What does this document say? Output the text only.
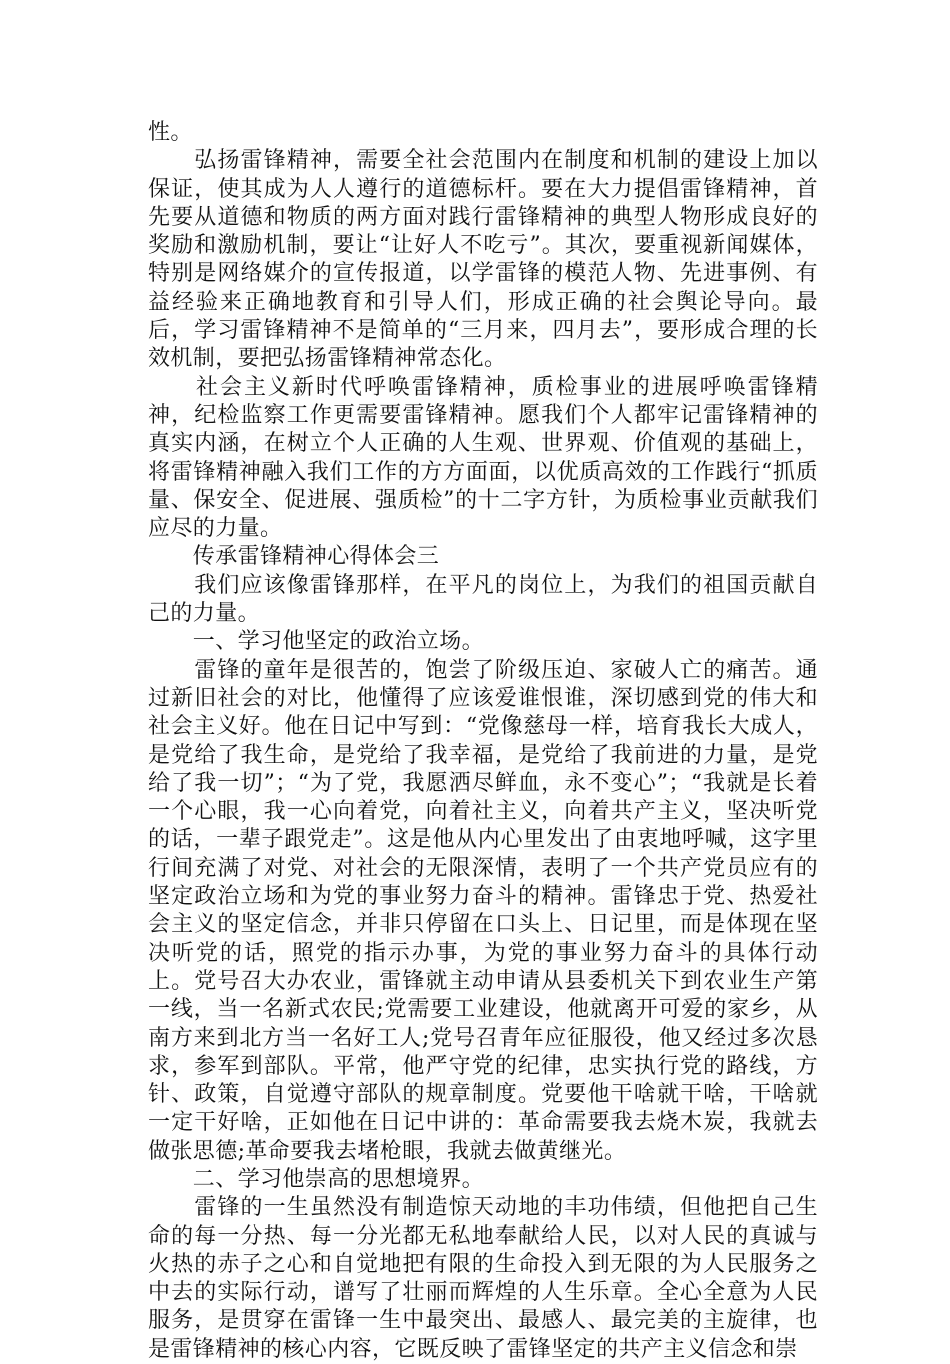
性。

　　弘扬雷锋精神，需要全社会范围内在制度和机制的建设上加以保证，使其成为人人遵行的道德标杆。要在大力提倡雷锋精神，首先要从道德和物质的两方面对践行雷锋精神的典型人物形成良好的奖励和激励机制，要让“让好人不吃亏”。其次，要重视新闻媒体，特别是网络媒介的宣传报道，以学雷锋的模范人物、先进事例、有益经验来正确地教育和引导人们，形成正确的社会舆论导向。最后，学习雷锋精神不是简单的“三月来，四月去”，要形成合理的长效机制，要把弘扬雷锋精神常态化。

　　社会主义新时代呼唤雷锋精神，质检事业的进展呼唤雷锋精神，纪检监察工作更需要雷锋精神。愿我们个人都牢记雷锋精神的真实内涵，在树立个人正确的人生观、世界观、价值观的基础上，将雷锋精神融入我们工作的方方面面，以优质高效的工作践行“抓质量、保安全、促进展、强质检”的十二字方针，为质检事业贡献我们应尽的力量。

　　传承雷锋精神心得体会三

　　我们应该像雷锋那样，在平凡的岗位上，为我们的祖国贡献自己的力量。

　　一、学习他坚定的政治立场。

　　雷锋的童年是很苦的，饱尝了阶级压迫、家破人亡的痛苦。通过新旧社会的对比，他懂得了应该爱谁恨谁，深切感到党的伟大和社会主义好。他在日记中写到：“党像慈母一样，培育我长大成人，是党给了我生命，是党给了我幸福，是党给了我前进的力量，是党给了我一切”；“为了党，我愿洒尽鲜血，永不变心”；“我就是长着一个心眼，我一心向着党，向着社主义，向着共产主义，坚决听党的话，一辈子跟党走”。这是他从内心里发出了由衷地呼喊，这字里行间充满了对党、对社会的无限深情，表明了一个共产党员应有的坚定政治立场和为党的事业努力奋斗的精神。雷锋忠于党、热爱社会主义的坚定信念，并非只停留在口头上、日记里，而是体现在坚决听党的话，照党的指示办事，为党的事业努力奋斗的具体行动上。党号召大办农业，雷锋就主动申请从县委机关下到农业生产第一线，当一名新式农民;党需要工业建设，他就离开可爱的家乡，从南方来到北方当一名好工人;党号召青年应征服役，他又经过多次恳求，参军到部队。平常，他严守党的纪律，忠实执行党的路线，方针、政策，自觉遵守部队的规章制度。党要他干啥就干啥，干啥就一定干好啥，正如他在日记中讲的：革命需要我去烧木炭，我就去做张思德;革命要我去堵枪眼，我就去做黄继光。

　　二、学习他崇高的思想境界。

　　雷锋的一生虽然没有制造惊天动地的丰功伟绩，但他把自己生命的每一分热、每一分光都无私地奉献给人民，以对人民的真诚与火热的赤子之心和自觉地把有限的生命投入到无限的为人民服务之中去的实际行动，谱写了壮丽而辉煌的人生乐章。全心全意为人民服务，是贯穿在雷锋一生中最突出、最感人、最完美的主旋律，也是雷锋精神的核心内容，它既反映了雷锋坚定的共产主义信念和崇
